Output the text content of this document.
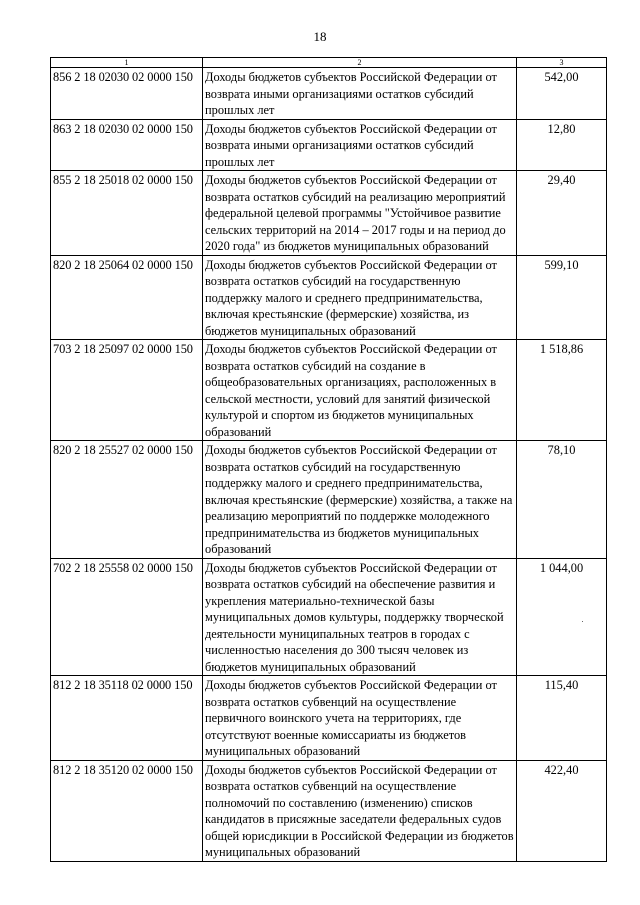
18
1	2	3
856 2 18 02030 02 0000 150	Доходы бюджетов субъектов Российской Федерации от возврата иными организациями остатков субсидий прошлых лет	542,00
863 2 18 02030 02 0000 150	Доходы бюджетов субъектов Российской Федерации от возврата иными организациями остатков субсидий прошлых лет	12,80
855 2 18 25018 02 0000 150	Доходы бюджетов субъектов Российской Федерации от возврата остатков субсидий на реализацию мероприятий федеральной целевой программы "Устойчивое развитие сельских территорий на 2014 – 2017 годы и на период до 2020 года" из бюджетов муниципальных образований	29,40
820 2 18 25064 02 0000 150	Доходы бюджетов субъектов Российской Федерации от возврата остатков субсидий на государственную поддержку малого и среднего предпринимательства, включая крестьянские (фермерские) хозяйства, из бюджетов муниципальных образований	599,10
703 2 18 25097 02 0000 150	Доходы бюджетов субъектов Российской Федерации от возврата остатков субсидий на создание в общеобразовательных организациях, расположенных в сельской местности, условий для занятий физической культурой и спортом из бюджетов муниципальных образований	1 518,86
820 2 18 25527 02 0000 150	Доходы бюджетов субъектов Российской Федерации от возврата остатков субсидий на государственную поддержку малого и среднего предпринимательства, включая крестьянские (фермерские) хозяйства, а также на реализацию мероприятий по поддержке молодежного предпринимательства из бюджетов муниципальных образований	78,10
702 2 18 25558 02 0000 150	Доходы бюджетов субъектов Российской Федерации от возврата остатков субсидий на обеспечение развития и укрепления материально-технической базы муниципальных домов культуры, поддержку творческой деятельности муниципальных театров в городах с численностью населения до 300 тысяч человек из бюджетов муниципальных образований	1 044,00
812 2 18 35118 02 0000 150	Доходы бюджетов субъектов Российской Федерации от возврата остатков субвенций на осуществление первичного воинского учета на территориях, где отсутствуют военные комиссариаты из бюджетов муниципальных образований	115,40
812 2 18 35120 02 0000 150	Доходы бюджетов субъектов Российской Федерации от возврата остатков субвенций на осуществление полномочий по составлению (изменению) списков кандидатов в присяжные заседатели федеральных судов общей юрисдикции в Российской Федерации из бюджетов муниципальных образований	422,40
